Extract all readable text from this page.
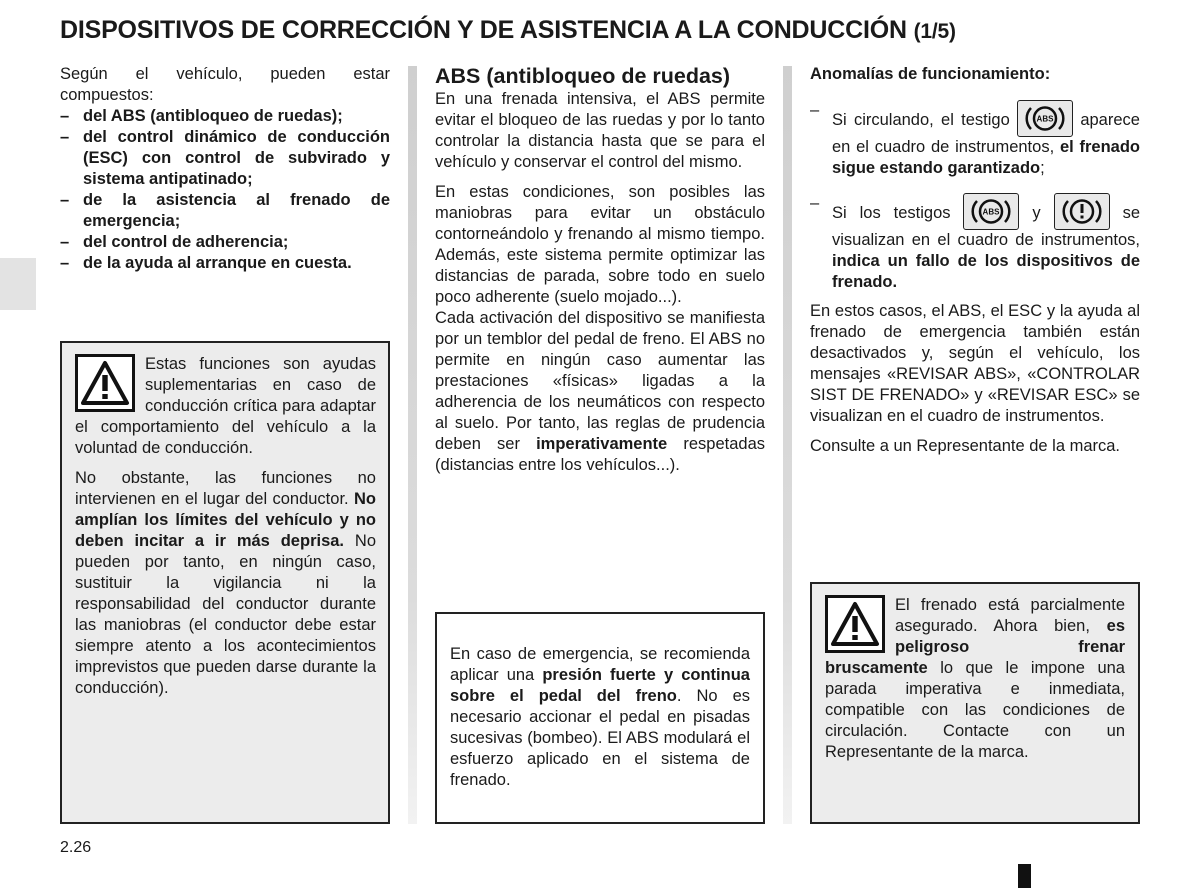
DISPOSITIVOS DE CORRECCIÓN Y DE ASISTENCIA A LA CONDUCCIÓN (1/5)

Según el vehículo, pueden estar compuestos:

– del ABS (antibloqueo de ruedas);
– del control dinámico de conducción (ESC) con control de subvirado y sistema antipatinado;
– de la asistencia al frenado de emergencia;
– del control de adherencia;
– de la ayuda al arranque en cuesta.

Estas funciones son ayudas suplementarias en caso de conducción crítica para adaptar el comportamiento del vehículo a la voluntad de conducción.

No obstante, las funciones no intervienen en el lugar del conductor. No amplían los límites del vehículo y no deben incitar a ir más deprisa. No pueden por tanto, en ningún caso, sustituir la vigilancia ni la responsabilidad del conductor durante las maniobras (el conductor debe estar siempre atento a los acontecimientos imprevistos que pueden darse durante la conducción).

ABS (antibloqueo de ruedas)

En una frenada intensiva, el ABS permite evitar el bloqueo de las ruedas y por lo tanto controlar la distancia hasta que se para el vehículo y conservar el control del mismo.

En estas condiciones, son posibles las maniobras para evitar un obstáculo contorneándolo y frenando al mismo tiempo. Además, este sistema permite optimizar las distancias de parada, sobre todo en suelo poco adherente (suelo mojado...).

Cada activación del dispositivo se manifiesta por un temblor del pedal de freno. El ABS no permite en ningún caso aumentar las prestaciones «físicas» ligadas a la adherencia de los neumáticos con respecto al suelo. Por tanto, las reglas de prudencia deben ser imperativamente respetadas (distancias entre los vehículos...).

En caso de emergencia, se recomienda aplicar una presión fuerte y continua sobre el pedal del freno. No es necesario accionar el pedal en pisadas sucesivas (bombeo). El ABS modulará el esfuerzo aplicado en el sistema de frenado.

Anomalías de funcionamiento:

– Si circulando, el testigo	ABS aparece en el cuadro de instrumentos, el frenado sigue estando garantizado;
– Si los testigos	ABS y	se visualizan en el cuadro de instrumentos, indica un fallo de los dispositivos de frenado.

En estos casos, el ABS, el ESC y la ayuda al frenado de emergencia también están desactivados y, según el vehículo, los mensajes «REVISAR ABS», «CONTROLAR SIST DE FRENADO» y «REVISAR ESC» se visualizan en el cuadro de instrumentos.

Consulte a un Representante de la marca.

El frenado está parcialmente asegurado. Ahora bien, es peligroso frenar bruscamente lo que le impone una parada imperativa e inmediata, compatible con las condiciones de circulación. Contacte con un Representante de la marca.

2.26
